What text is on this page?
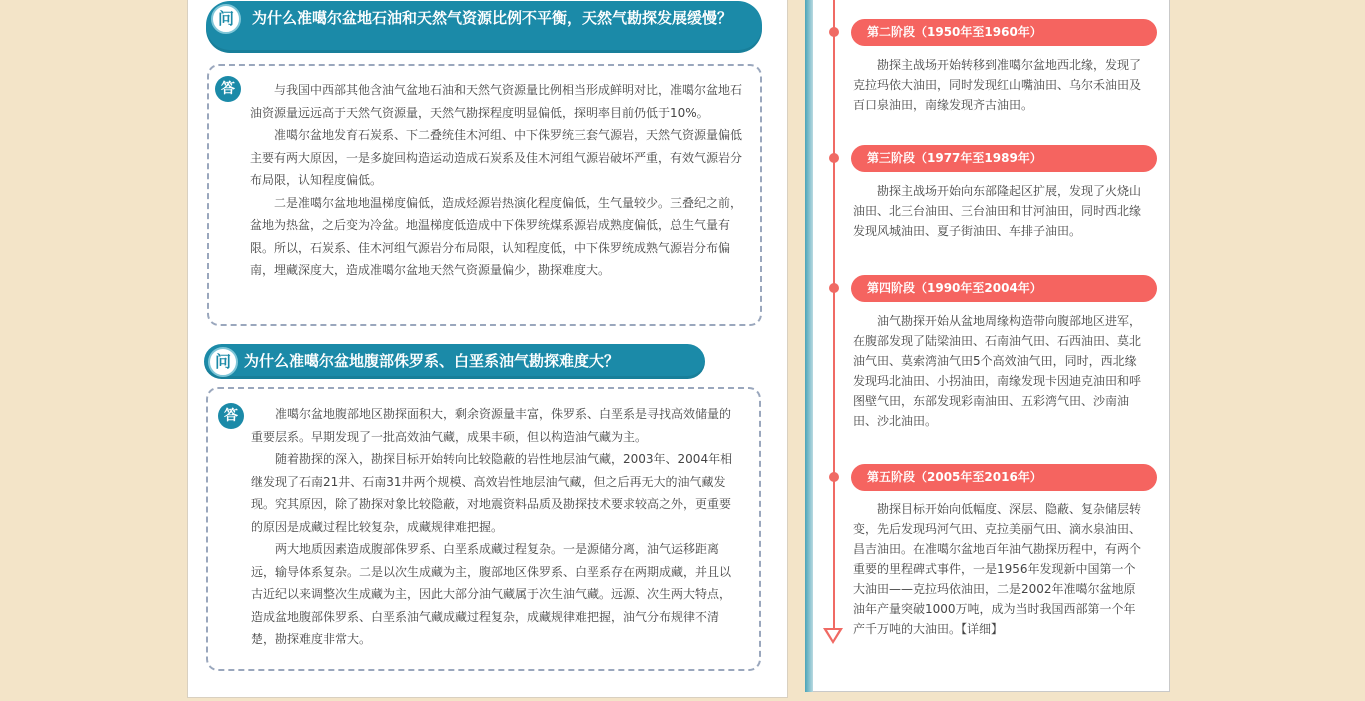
问	为什么准噶尔盆地石油和天然气资源比例不平衡，天然气勘探发展缓慢？
答	与我国中西部其他含油气盆地石油和天然气资源量比例相当形成鲜明对比，准噶尔盆地石油资源量远远高于天然气资源量，天然气勘探程度明显偏低，探明率目前仍低于10%。

准噶尔盆地发育石炭系、下二叠统佳木河组、中下侏罗统三套气源岩，天然气资源量偏低主要有两大原因，一是多旋回构造运动造成石炭系及佳木河组气源岩破坏严重，有效气源岩分布局限，认知程度偏低。

二是准噶尔盆地地温梯度偏低，造成烃源岩热演化程度偏低，生气量较少。三叠纪之前，盆地为热盆，之后变为冷盆。地温梯度低造成中下侏罗统煤系源岩成熟度偏低，总生气量有限。所以，石炭系、佳木河组气源岩分布局限，认知程度低，中下侏罗统成熟气源岩分布偏南，埋藏深度大，造成准噶尔盆地天然气资源量偏少，勘探难度大。

问 为什么准噶尔盆地腹部侏罗系、白垩系油气勘探难度大？
答	准噶尔盆地腹部地区勘探面积大，剩余资源量丰富，侏罗系、白垩系是寻找高效储量的重要层系。早期发现了一批高效油气藏，成果丰硕，但以构造油气藏为主。

随着勘探的深入，勘探目标开始转向比较隐蔽的岩性地层油气藏，2003年、2004年相继发现了石南21井、石南31井两个规模、高效岩性地层油气藏，但之后再无大的油气藏发现。究其原因，除了勘探对象比较隐蔽，对地震资料品质及勘探技术要求较高之外，更重要的原因是成藏过程比较复杂，成藏规律难把握。

两大地质因素造成腹部侏罗系、白垩系成藏过程复杂。一是源储分离，油气运移距离远，输导体系复杂。二是以次生成藏为主，腹部地区侏罗系、白垩系存在两期成藏，并且以古近纪以来调整次生成藏为主，因此大部分油气藏属于次生油气藏。远源、次生两大特点，造成盆地腹部侏罗系、白垩系油气藏成藏过程复杂，成藏规律难把握，油气分布规律不清楚，勘探难度非常大。

第二阶段（1950年至1960年）

勘探主战场开始转移到准噶尔盆地西北缘，发现了克拉玛依大油田，同时发现红山嘴油田、乌尔禾油田及百口泉油田，南缘发现齐古油田。

第三阶段（1977年至1989年）

勘探主战场开始向东部隆起区扩展，发现了火烧山油田、北三台油田、三台油田和甘河油田，同时西北缘发现风城油田、夏子街油田、车排子油田。

第四阶段（1990年至2004年）

油气勘探开始从盆地周缘构造带向腹部地区进军，在腹部发现了陆梁油田、石南油气田、石西油田、莫北油气田、莫索湾油气田5个高效油气田，同时，西北缘发现玛北油田、小拐油田，南缘发现卡因迪克油田和呼图壁气田，东部发现彩南油田、五彩湾气田、沙南油田、沙北油田。

第五阶段（2005年至2016年）

勘探目标开始向低幅度、深层、隐蔽、复杂储层转变，先后发现玛河气田、克拉美丽气田、滴水泉油田、昌吉油田。在准噶尔盆地百年油气勘探历程中，有两个重要的里程碑式事件，一是1956年发现新中国第一个大油田——克拉玛依油田，二是2002年准噶尔盆地原油年产量突破1000万吨，成为当时我国西部第一个年产千万吨的大油田。【详细】
